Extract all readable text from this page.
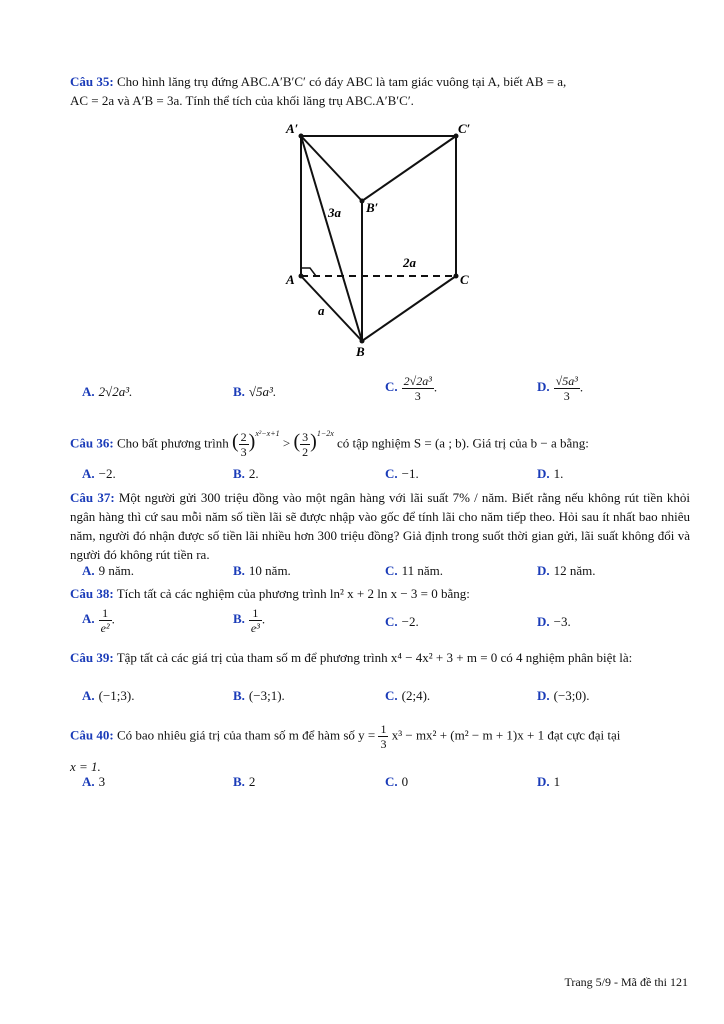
Câu 35: Cho hình lăng trụ đứng ABC.A′B′C′ có đáy ABC là tam giác vuông tại A, biết AB = a,
AC = 2a và A′B = 3a. Tính thể tích của khối lăng trụ ABC.A′B′C′.
A′	C′
B′
A	C
B
3a
2a
a
A. 2√2a³.	B. √5a³.	C. $\frac{\text{2√2a³}}{3}$ .	D. $\frac{\text{√5a³}}{3}$ .
Câu 36: Cho bất phương trình ( $\frac{2}{3} )^{x^2-x+1}$ > ( $\frac{3}{2} )^{1-2x}$ có tập nghiệm S = (a ; b). Giá trị của b − a bằng:
A. −2.	B. 2.	C. −1.	D. 1.
Câu 37: Một người gửi 300 triệu đồng vào một ngân hàng với lãi suất 7% / năm. Biết rằng nếu không rút tiền khỏi ngân hàng thì cứ sau mỗi năm số tiền lãi sẽ được nhập vào gốc để tính lãi cho năm tiếp theo. Hỏi sau ít nhất bao nhiêu năm, người đó nhận được số tiền lãi nhiều hơn 300 triệu đồng? Giả định trong suốt thời gian gửi, lãi suất không đổi và người đó không rút tiền ra.
A. 9 năm.	B. 10 năm.	C. 11 năm.	D. 12 năm.
Câu 38: Tích tất cả các nghiệm của phương trình ln² x + 2 ln x − 3 = 0 bằng:
A. $\frac{1}{\text{e²}}$ .	B. $\frac{1}{\text{e³}}$ .	C. −2.	D. −3.
Câu 39: Tập tất cả các giá trị của tham số m để phương trình x⁴ − 4x² + 3 + m = 0 có 4 nghiệm phân biệt là:
A. (−1;3).	B. (−3;1).	C. (2;4).	D. (−3;0).
Câu 40: Có bao nhiêu giá trị của tham số m để hàm số $y = \frac{1}{3} x^3 - mx^2 + (m^2 - m + 1)x + 1$ đạt cực đại tại
x = 1.
A. 3	B. 2	C. 0	D. 1
Trang 5/9 - Mã đề thi 121
